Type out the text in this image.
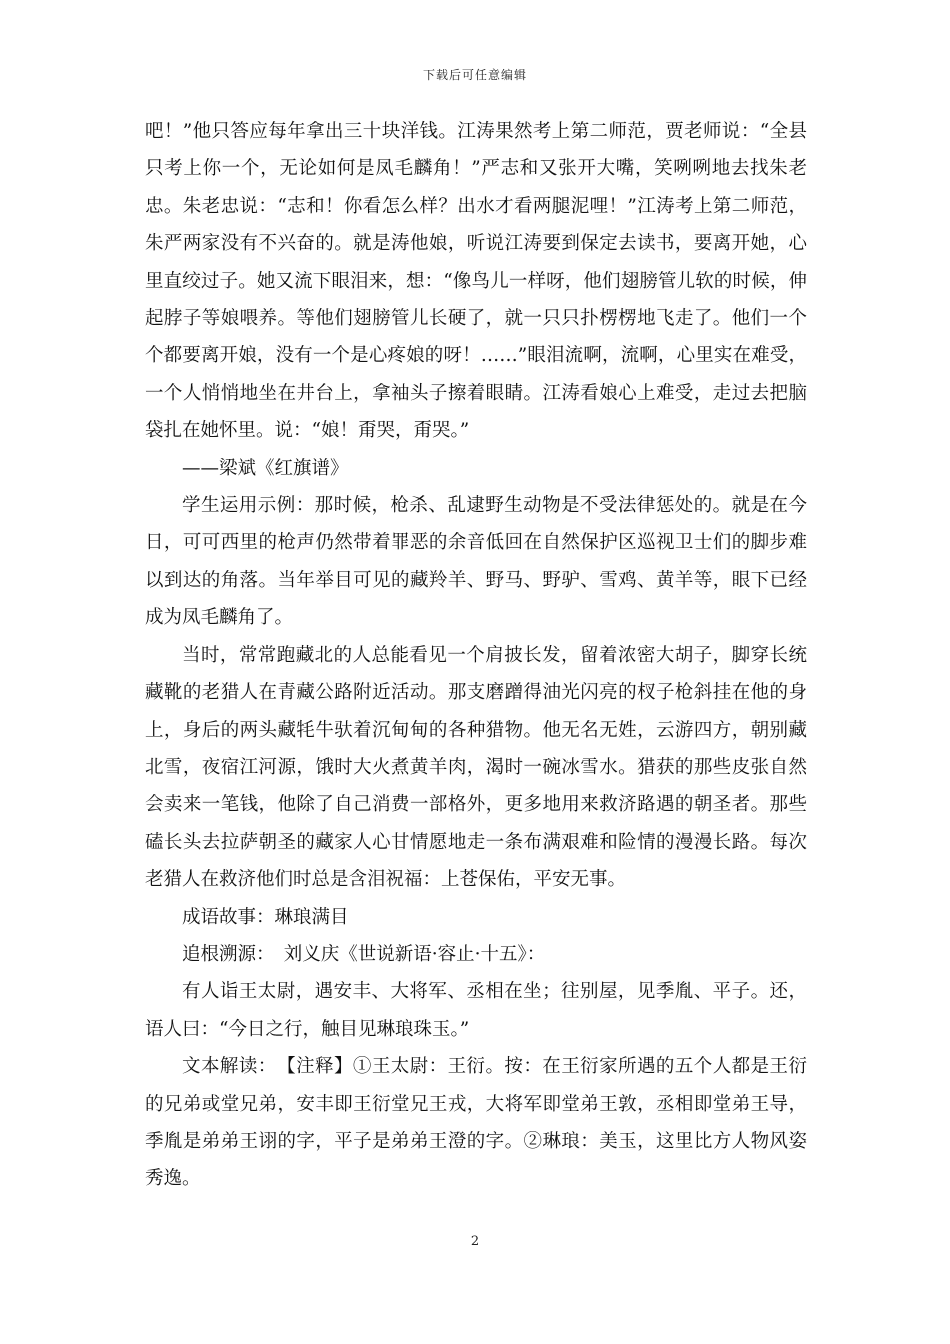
下载后可任意编辑

吧！”他只答应每年拿出三十块洋钱。江涛果然考上第二师范，贾老师说：“全县只考上你一个，无论如何是凤毛麟角！”严志和又张开大嘴，笑咧咧地去找朱老忠。朱老忠说：“志和！你看怎么样？出水才看两腿泥哩！”江涛考上第二师范，朱严两家没有不兴奋的。就是涛他娘，听说江涛要到保定去读书，要离开她，心里直绞过子。她又流下眼泪来，想：“像鸟儿一样呀，他们翅膀管儿软的时候，伸起脖子等娘喂养。等他们翅膀管儿长硬了，就一只只扑楞楞地飞走了。他们一个个都要离开娘，没有一个是心疼娘的呀！……”眼泪流啊，流啊，心里实在难受，一个人悄悄地坐在井台上，拿袖头子擦着眼睛。江涛看娘心上难受，走过去把脑袋扎在她怀里。说：“娘！甭哭，甭哭。”

——梁斌《红旗谱》

学生运用示例：那时候，枪杀、乱逮野生动物是不受法律惩处的。就是在今日，可可西里的枪声仍然带着罪恶的余音低回在自然保护区巡视卫士们的脚步难以到达的角落。当年举目可见的藏羚羊、野马、野驴、雪鸡、黄羊等，眼下已经成为凤毛麟角了。

当时，常常跑藏北的人总能看见一个肩披长发，留着浓密大胡子，脚穿长统藏靴的老猎人在青藏公路附近活动。那支磨蹭得油光闪亮的杈子枪斜挂在他的身上，身后的两头藏牦牛驮着沉甸甸的各种猎物。他无名无姓，云游四方，朝别藏北雪，夜宿江河源，饿时大火煮黄羊肉，渴时一碗冰雪水。猎获的那些皮张自然会卖来一笔钱，他除了自己消费一部格外，更多地用来救济路遇的朝圣者。那些磕长头去拉萨朝圣的藏家人心甘情愿地走一条布满艰难和险情的漫漫长路。每次老猎人在救济他们时总是含泪祝福：上苍保佑，平安无事。

成语故事：琳琅满目

追根溯源：　刘义庆《世说新语·容止·十五》：

有人诣王太尉，遇安丰、大将军、丞相在坐；往别屋，见季胤、平子。还，语人曰：“今日之行，触目见琳琅珠玉。”

文本解读：　【注释】①王太尉：王衍。按：在王衍家所遇的五个人都是王衍的兄弟或堂兄弟，安丰即王衍堂兄王戎，大将军即堂弟王敦，丞相即堂弟王导，季胤是弟弟王诩的字，平子是弟弟王澄的字。②琳琅：美玉，这里比方人物风姿秀逸。

2
